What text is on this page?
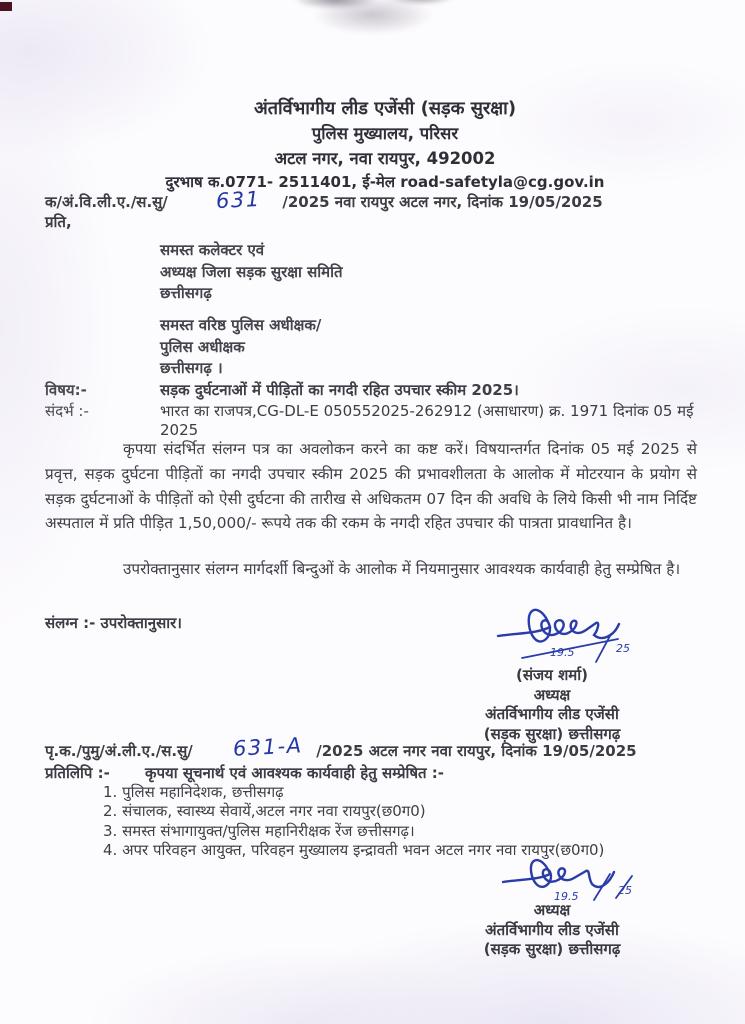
अंतर्विभागीय लीड एजेंसी (सड़क सुरक्षा)
पुलिस मुख्यालय, परिसर
अटल नगर, नवा रायपुर, 492002
दुरभाष क.0771- 2511401, ई-मेल road-safetyla@cg.gov.in
क/अं.वि.ली.ए./स.सु/ 631 /2025 नवा रायपुर अटल नगर, दिनांक 19/05/2025
प्रति,
समस्त कलेक्टर एवं
अध्यक्ष जिला सड़क सुरक्षा समिति
छत्तीसगढ़
समस्त वरिष्ठ पुलिस अधीक्षक/
पुलिस अधीक्षक
छत्तीसगढ़ ।
विषय:-	सड़क दुर्घटनाओं में पीड़ितों का नगदी रहित उपचार स्कीम 2025।
संदर्भ :-	भारत का राजपत्र,CG-DL-E 050552025-262912 (असाधारण) क्र. 1971 दिनांक 05 मई 2025
कृपया संदर्भित संलग्न पत्र का अवलोकन करने का कष्ट करें। विषयान्तर्गत दिनांक 05 मई 2025 से प्रवृत्त, सड़क दुर्घटना पीड़ितों का नगदी उपचार स्कीम 2025 की प्रभावशीलता के आलोक में मोटरयान के प्रयोग से सड़क दुर्घटनाओं के पीड़ितों को ऐसी दुर्घटना की तारीख से अधिकतम 07 दिन की अवधि के लिये किसी भी नाम निर्दिष्ट अस्पताल में प्रति पीड़ित 1,50,000/- रूपये तक की रकम के नगदी रहित उपचार की पात्रता प्रावधानित है।
उपरोक्तानुसार संलग्न मार्गदर्शी बिन्दुओं के आलोक में नियमानुसार आवश्यक कार्यवाही हेतु सम्प्रेषित है।
संलग्न :- उपरोक्तानुसार।
19.5	25
(संजय शर्मा)
अध्यक्ष
अंतर्विभागीय लीड एजेंसी
(सड़क सुरक्षा) छत्तीसगढ़
पृ.क./पुमु/अं.ली.ए./स.सु/ 631-A /2025 अटल नगर नवा रायपुर, दिनांक 19/05/2025
प्रतिलिपि :-	कृपया सूचनार्थ एवं आवश्यक कार्यवाही हेतु सम्प्रेषित :-
1. पुलिस महानिदेशक, छत्तीसगढ़
2. संचालक, स्वास्थ्य सेवायें,अटल नगर नवा रायपुर(छ0ग0)
3. समस्त संभागायुक्त/पुलिस महानिरीक्षक रेंज छत्तीसगढ़।
4. अपर परिवहन आयुक्त, परिवहन मुख्यालय इन्द्रावती भवन अटल नगर नवा रायपुर(छ0ग0)
19.5	25
अध्यक्ष
अंतर्विभागीय लीड एजेंसी
(सड़क सुरक्षा) छत्तीसगढ़
